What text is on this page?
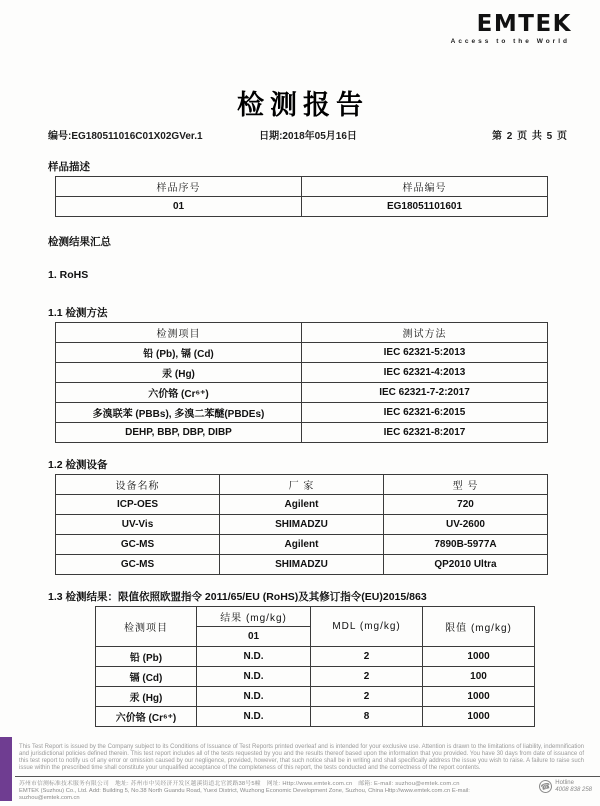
EMTEK
Access to the World
检测报告
编号:EG180511016C01X02GVer.1	日期:2018年05月16日	第 2 页 共 5 页
样品描述
样品序号	样品编号
01	EG18051101601
检测结果汇总
1. RoHS
1.1 检测方法
检测项目	测试方法
铅 (Pb), 镉 (Cd)	IEC 62321-5:2013
汞 (Hg)	IEC 62321-4:2013
六价铬 (Cr⁶⁺)	IEC 62321-7-2:2017
多溴联苯 (PBBs), 多溴二苯醚(PBDEs)	IEC 62321-6:2015
DEHP, BBP, DBP, DIBP	IEC 62321-8:2017
1.2 检测设备
设备名称	厂 家	型 号
ICP-OES	Agilent	720
UV-Vis	SHIMADZU	UV-2600
GC-MS	Agilent	7890B-5977A
GC-MS	SHIMADZU	QP2010 Ultra
1.3 检测结果：限值依照欧盟指令 2011/65/EU (RoHS)及其修订指令(EU)2015/863
检测项目	结果 (mg/kg)	MDL (mg/kg)	限值 (mg/kg)
	01		
铅 (Pb)	N.D.	2	1000
镉 (Cd)	N.D.	2	100
汞 (Hg)	N.D.	2	1000
六价铬 (Cr⁶⁺)	N.D.	8	1000

This Test Report is issued by the Company subject to its Conditions of Issuance of Test Reports printed overleaf and is intended for your exclusive use. Attention is drawn to the limitations of liability, indemnification and jurisdictional policies defined therein. This test report includes all of the tests requested by you and the results thereof based upon the information that you provided. You have 30 days from date of issuance of this test report to notify us of any error or omission caused by our negligence, provided, however, that such notice shall be in writing and shall specifically address the issue you wish to raise. A failure to raise such issue within the prescribed time shall constitute your unqualified acceptance of the completeness of this report, the tests conducted and the correctness of the report contents.

苏州市信测标准技术服务有限公司　地址: 苏州市中吴经济开发区越溪街道北官渡路38号5幢　网址: Http://www.emtek.com.cn　邮箱: E-mail: suzhou@emtek.com.cn
EMTEK (Suzhou) Co., Ltd. Add: Building 5, No.38 North Guandu Road, Yuexi District, Wuzhong Economic Development Zone, Suzhou, China Http://www.emtek.com.cn E-mail: suzhou@emtek.com.cn
☎ Hotline
4008 838 258
